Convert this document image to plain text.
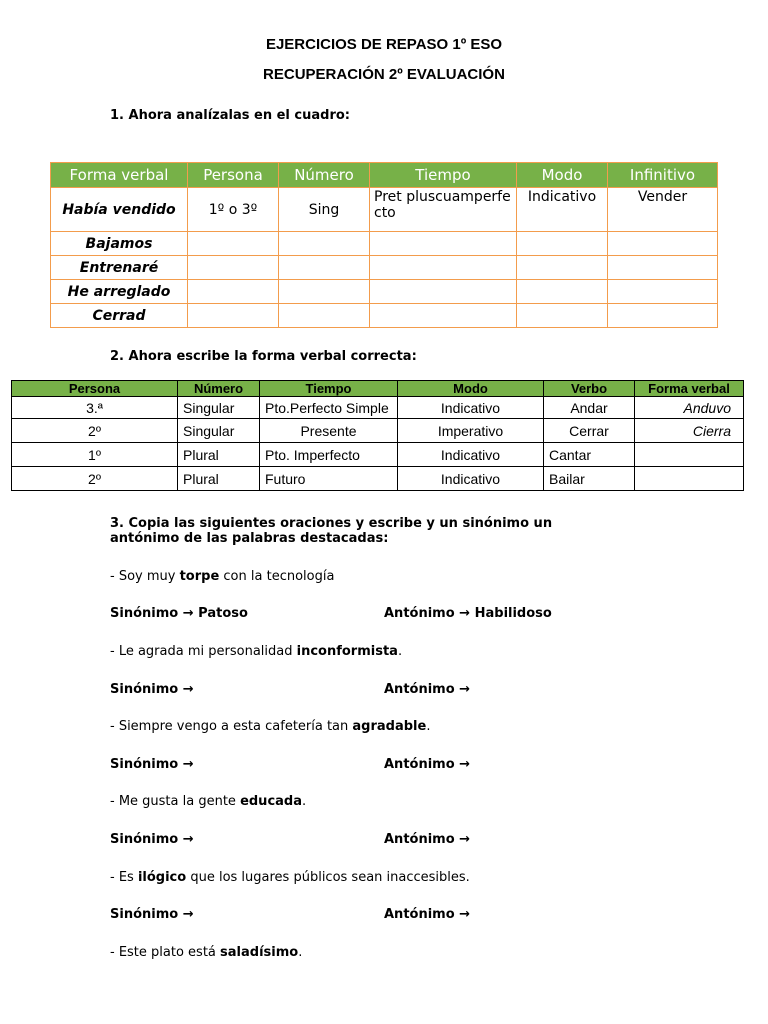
EJERCICIOS DE REPASO 1º ESO
RECUPERACIÓN 2º EVALUACIÓN
1. Ahora analízalas en el cuadro:
Forma verbal	Persona	Número	Tiempo	Modo	Infinitivo
Había vendido	1º o 3º	Sing	Pret pluscuamperfecto	Indicativo	Vender
Bajamos					
Entrenaré					
He arreglado					
Cerrad					
2. Ahora escribe la forma verbal correcta:
Persona	Número	Tiempo	Modo	Verbo	Forma verbal
3.ª	Singular	Pto.Perfecto Simple	Indicativo	Andar	Anduvo
2º	Singular	Presente	Imperativo	Cerrar	Cierra
1º	Plural	Pto. Imperfecto	Indicativo	Cantar	
2º	Plural	Futuro	Indicativo	Bailar	
3. Copia las siguientes oraciones y escribe y un sinónimo un
antónimo de las palabras destacadas:
- Soy muy torpe con la tecnología
Sinónimo → Patoso	Antónimo → Habilidoso
- Le agrada mi personalidad inconformista.
Sinónimo →	Antónimo →
- Siempre vengo a esta cafetería tan agradable.
Sinónimo →	Antónimo →
- Me gusta la gente educada.
Sinónimo →	Antónimo →
- Es ilógico que los lugares públicos sean inaccesibles.
Sinónimo →	Antónimo →
- Este plato está saladísimo.
